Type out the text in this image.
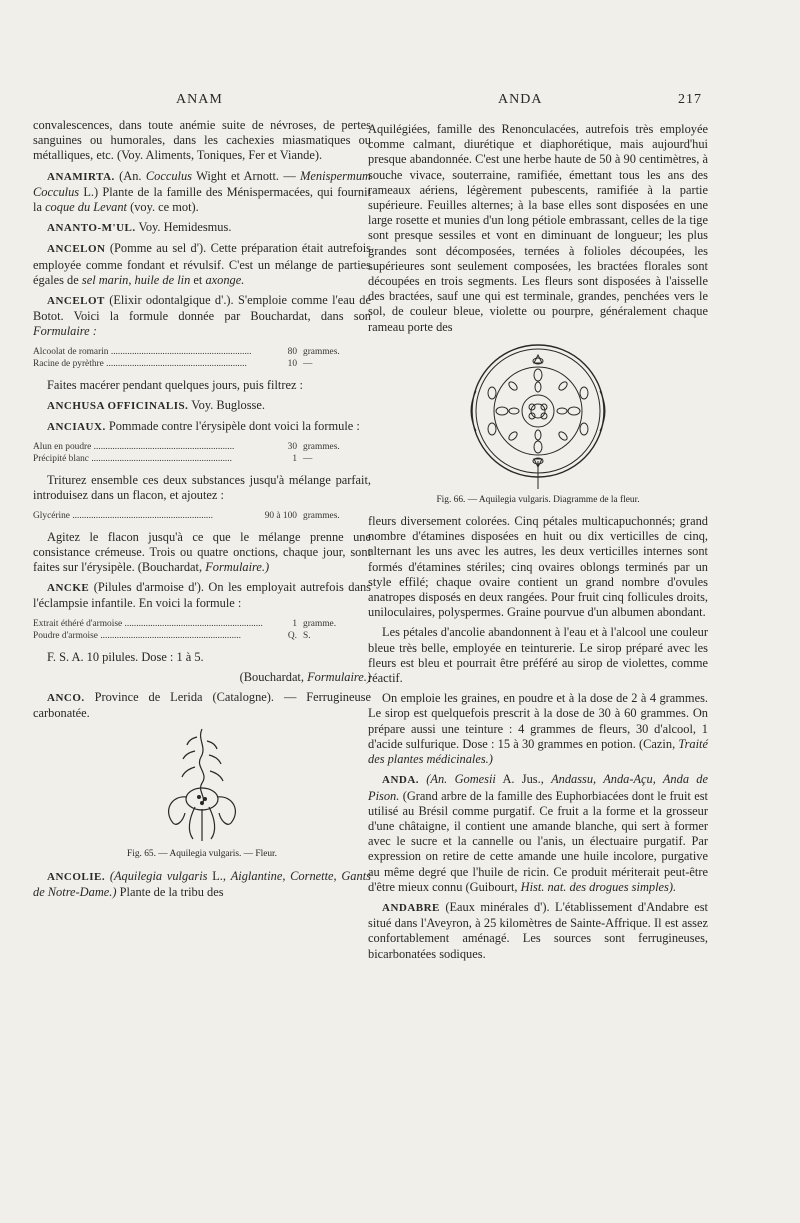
ANAM	ANDA	217
convalescences, dans toute anémie suite de névroses, de pertes sanguines ou humorales, dans les cachexies miasmatiques ou métalliques, etc. (Voy. Aliments, Toniques, Fer et Viande).
ANAMIRTA. (An. Cocculus Wight et Arnott. — Menispermum Cocculus L.) Plante de la famille des Ménispermacées, qui fournit la coque du Levant (voy. ce mot).
ANANTO-M'UL. Voy. Hemidesmus.
ANCELON (Pomme au sel d'). Cette préparation était autrefois employée comme fondant et révulsif. C'est un mélange de parties égales de sel marin, huile de lin et axonge.
ANCELOT (Elixir odontalgique d'.). S'emploie comme l'eau de Botot. Voici la formule donnée par Bouchardat, dans son Formulaire :
Alcoolat de romarin .....	80 grammes.
Racine de pyrèthre .....	10 —
Faites macérer pendant quelques jours, puis filtrez :
ANCHUSA OFFICINALIS. Voy. Buglosse.
ANCIAUX. Pommade contre l'érysipèle dont voici la formule :
Alun en poudre .....	30 grammes.
Précipité blanc .....	1 —
Triturez ensemble ces deux substances jusqu'à mélange parfait, introduisez dans un flacon, et ajoutez :
Glycérine .....	90 à 100 grammes.
Agitez le flacon jusqu'à ce que le mélange prenne une consistance crémeuse. Trois ou quatre onctions, chaque jour, sont faites sur l'érysipèle. (Bouchardat, Formulaire.)
ANCKE (Pilules d'armoise d'). On les employait autrefois dans l'éclampsie infantile. En voici la formule :
Extrait éthéré d'armoise .....	1 gramme.
Poudre d'armoise .....	Q. S.
F. S. A. 10 pilules. Dose : 1 à 5.
(Bouchardat, Formulaire.)
ANCO. Province de Lerida (Catalogne). — Ferrugineuse carbonatée.
Fig. 65. — Aquilegia vulgaris. — Fleur.
ANCOLIE. (Aquilegia vulgaris L., Aiglantine, Cornette, Gants de Notre-Dame.) Plante de la tribu des
Aquilégiées, famille des Renonculacées, autrefois très employée comme calmant, diurétique et diaphorétique, mais aujourd'hui presque abandonnée. C'est une herbe haute de 50 à 90 centimètres, à souche vivace, souterraine, ramifiée, émettant tous les ans des rameaux aériens, légèrement pubescents, ramifiée à la partie supérieure. Feuilles alternes; à la base elles sont disposées en une large rosette et munies d'un long pétiole embrassant, celles de la tige sont presque sessiles et vont en diminuant de longueur; les plus grandes sont décomposées, ternées à folioles découpées, les supérieures sont seulement composées, les bractées florales sont découpées en trois segments. Les fleurs sont disposées à l'aisselle des bractées, sauf une qui est terminale, grandes, penchées vers le sol, de couleur bleue, violette ou pourpre, généralement chaque rameau porte des
Fig. 66. — Aquilegia vulgaris. Diagramme de la fleur.
fleurs diversement colorées. Cinq pétales multicapuchonnés; grand nombre d'étamines disposées en huit ou dix verticilles de cinq, alternant les uns avec les autres, les deux verticilles internes sont formés d'étamines stériles; cinq ovaires oblongs terminés par un style effilé; chaque ovaire contient un grand nombre d'ovules anatropes disposés en deux rangées. Pour fruit cinq follicules droits, uniloculaires, polyspermes. Graine pourvue d'un albumen abondant.
Les pétales d'ancolie abandonnent à l'eau et à l'alcool une couleur bleue très belle, employée en teinturerie. Le sirop préparé avec les fleurs est bleu et pourrait être préféré au sirop de violettes, comme réactif.
On emploie les graines, en poudre et à la dose de 2 à 4 grammes. Le sirop est quelquefois prescrit à la dose de 30 à 60 grammes. On prépare aussi une teinture : 4 grammes de fleurs, 30 d'alcool, 1 d'acide sulfurique. Dose : 15 à 30 grammes en potion. (Cazin, Traité des plantes médicinales.)
ANDA. (An. Gomesii A. Jus., Andassu, Anda-Açu, Anda de Pison. (Grand arbre de la famille des Euphorbiacées dont le fruit est utilisé au Brésil comme purgatif. Ce fruit a la forme et la grosseur d'une châtaigne, il contient une amande blanche, qui sert à former avec le sucre et la cannelle ou l'anis, un électuaire purgatif. Par expression on retire de cette amande une huile incolore, purgative au même degré que l'huile de ricin. Ce produit mériterait peut-être d'être mieux connu (Guibourt, Hist. nat. des drogues simples).
ANDABRE (Eaux minérales d'). L'établissement d'Andabre est situé dans l'Aveyron, à 25 kilomètres de Sainte-Affrique. Il est assez confortablement aménagé. Les sources sont ferrugineuses, bicarbonatées sodiques.
